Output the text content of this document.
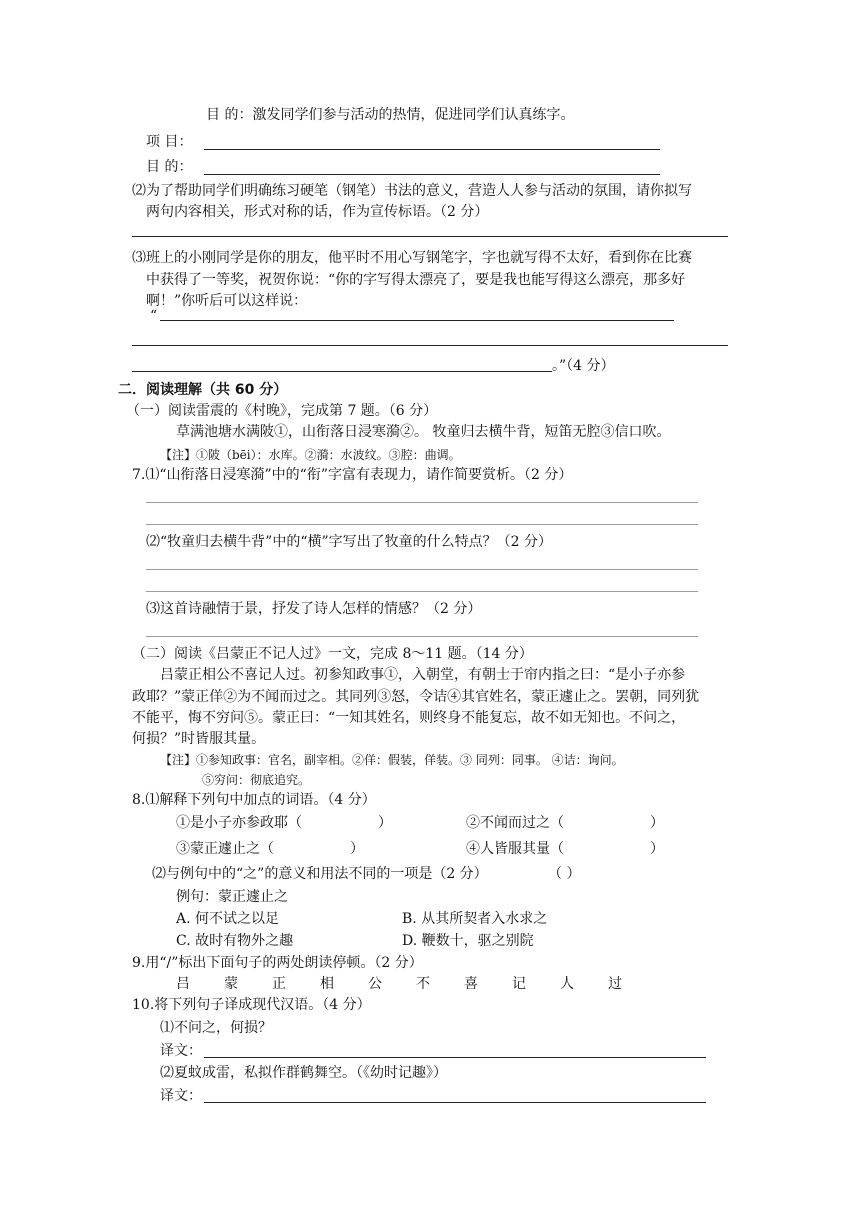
目 的：激发同学们参与活动的热情，促进同学们认真练字。
项 目：
目 的：
⑵为了帮助同学们明确练习硬笔（钢笔）书法的意义，营造人人参与活动的氛围，请你拟写
两句内容相关，形式对称的话，作为宣传标语。（2 分）
⑶班上的小刚同学是你的朋友，他平时不用心写钢笔字，字也就写得不太好，看到你在比赛
中获得了一等奖，祝贺你说：“你的字写得太漂亮了，要是我也能写得这么漂亮，那多好
啊！”你听后可以这样说：
“
。”（4 分）
二．阅读理解（共 60 分）
（一）阅读雷震的《村晚》，完成第 7 题。（6 分）
草满池塘水满陂①，山衔落日浸寒漪②。 牧童归去横牛背，短笛无腔③信口吹。
【注】①陂（bēi）：水库。②漪：水波纹。③腔：曲调。
7.⑴“山衔落日浸寒漪”中的“衔”字富有表现力，请作简要赏析。（2 分）
⑵“牧童归去横牛背”中的“横”字写出了牧童的什么特点？（2 分）
⑶这首诗融情于景，抒发了诗人怎样的情感？（2 分）
（二）阅读《吕蒙正不记人过》一文，完成 8～11 题。（14 分）
吕蒙正相公不喜记人过。初参知政事①，入朝堂，有朝士于帘内指之曰：“是小子亦参
政耶？”蒙正佯②为不闻而过之。其同列③怒，令诘④其官姓名，蒙正遽止之。罢朝，同列犹
不能平，悔不穷问⑤。蒙正曰：“一知其姓名，则终身不能复忘，故不如无知也。不问之，
何损？”时皆服其量。
【注】①参知政事：官名，副宰相。②佯：假装，佯装。③ 同列：同事。 ④诘：询问。
⑤穷问：彻底追究。
8.⑴解释下列句中加点的词语。（4 分）
①是小子亦参政耶（	）	②不闻而过之（	）
③蒙正遽止之（	）	④人皆服其量（	）
⑵与例句中的“之”的意义和用法不同的一项是（2 分）	（ ）
例句：蒙正遽止之
A. 何不试之以足	B. 从其所契者入水求之
C. 故时有物外之趣	D. 鞭数十，驱之别院
9.用“/”标出下面句子的两处朗读停顿。（2 分）
吕 蒙 正 相 公 不 喜 记 人 过
10.将下列句子译成现代汉语。（4 分）
⑴不问之，何损？
译文：
⑵夏蚊成雷，私拟作群鹤舞空。（《幼时记趣》）
译文：
